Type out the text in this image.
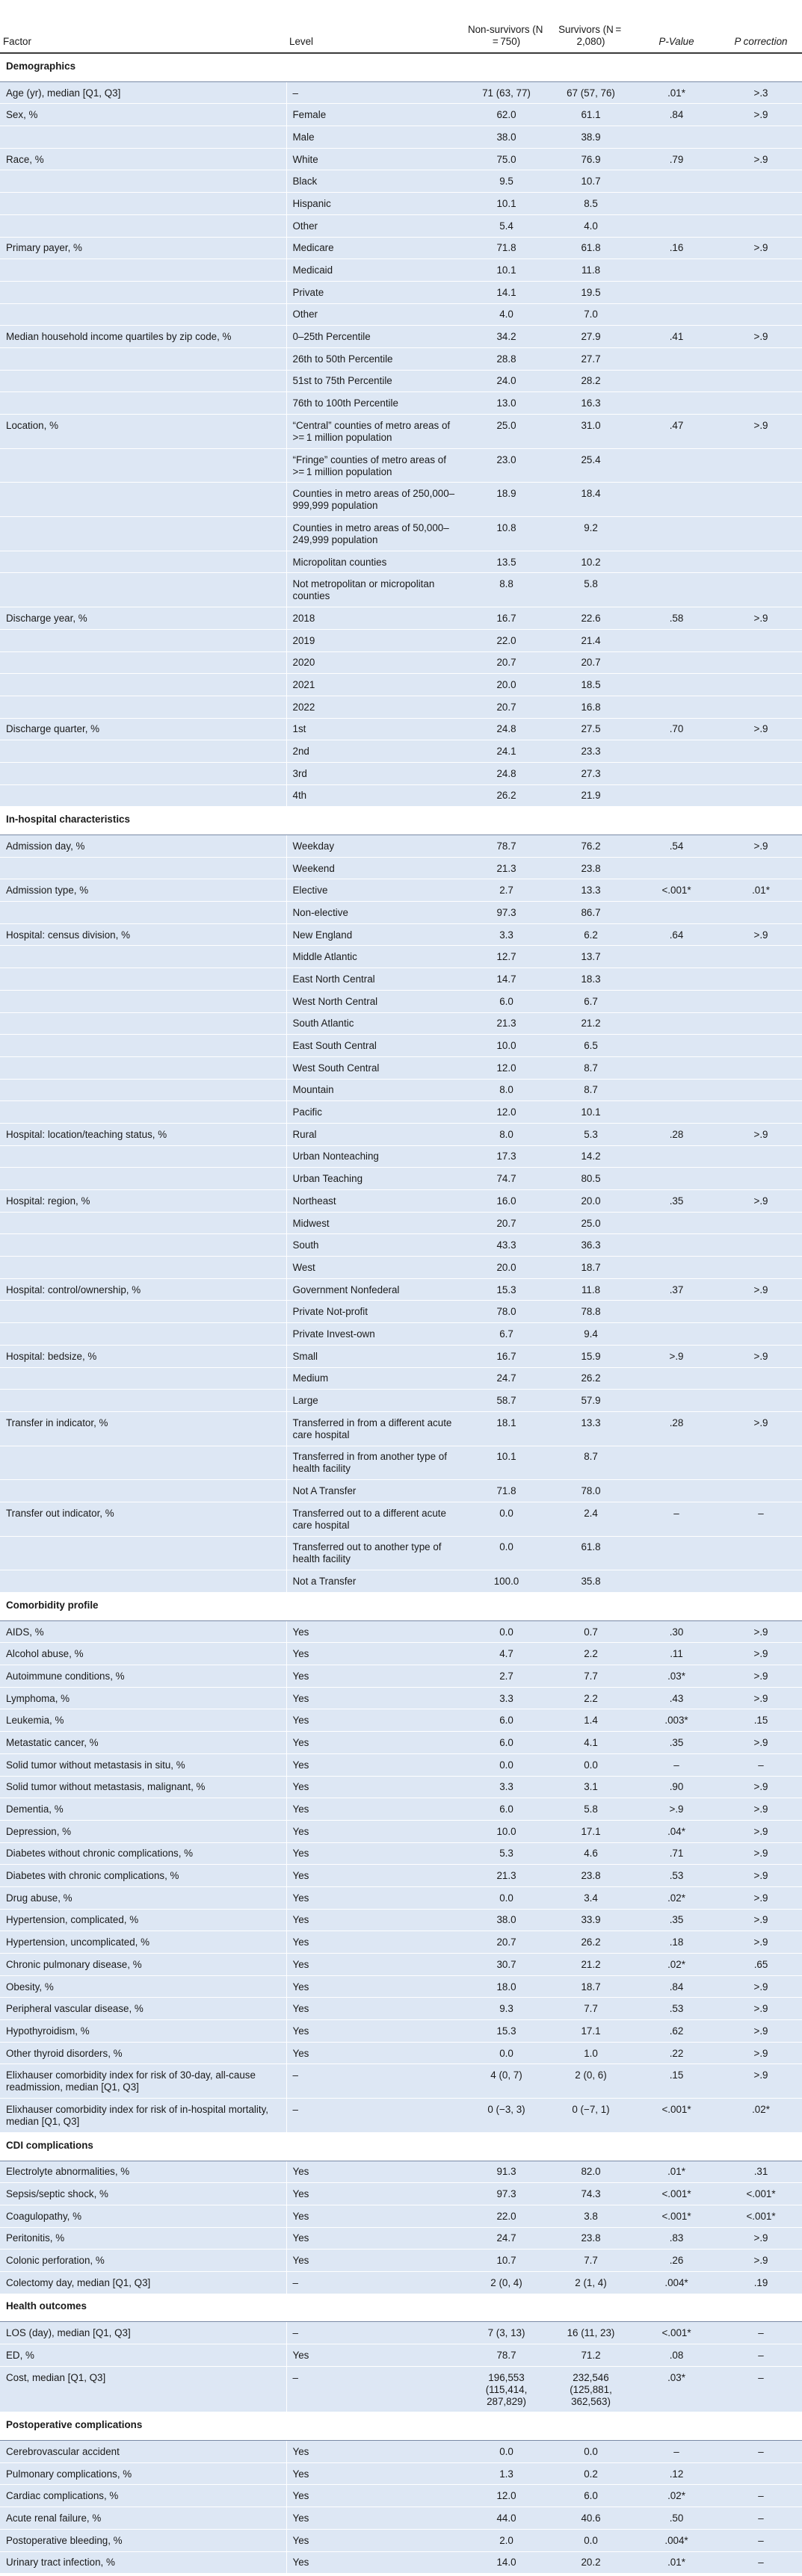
Factor	Level	Non-survivors (N = 750)	Survivors (N = 2,080)	P-Value	P correction
Demographics					
Age (yr), median [Q1, Q3]	–	71 (63, 77)	67 (57, 76)	.01*	>.3
Sex, %	Female	62.0	61.1	.84	>.9
	Male	38.0	38.9		
Race, %	White	75.0	76.9	.79	>.9
	Black	9.5	10.7		
	Hispanic	10.1	8.5		
	Other	5.4	4.0		
Primary payer, %	Medicare	71.8	61.8	.16	>.9
	Medicaid	10.1	11.8		
	Private	14.1	19.5		
	Other	4.0	7.0		
Median household income quartiles by zip code, %	0–25th Percentile	34.2	27.9	.41	>.9
	26th to 50th Percentile	28.8	27.7		
	51st to 75th Percentile	24.0	28.2		
	76th to 100th Percentile	13.0	16.3		
Location, %	“Central” counties of metro areas of >= 1 million population	25.0	31.0	.47	>.9
	“Fringe” counties of metro areas of >= 1 million population	23.0	25.4		
	Counties in metro areas of 250,000–999,999 population	18.9	18.4		
	Counties in metro areas of 50,000–249,999 population	10.8	9.2		
	Micropolitan counties	13.5	10.2		
	Not metropolitan or micropolitan counties	8.8	5.8		
Discharge year, %	2018	16.7	22.6	.58	>.9
	2019	22.0	21.4		
	2020	20.7	20.7		
	2021	20.0	18.5		
	2022	20.7	16.8		
Discharge quarter, %	1st	24.8	27.5	.70	>.9
	2nd	24.1	23.3		
	3rd	24.8	27.3		
	4th	26.2	21.9		
In-hospital characteristics					
Admission day, %	Weekday	78.7	76.2	.54	>.9
	Weekend	21.3	23.8		
Admission type, %	Elective	2.7	13.3	<.001*	.01*
	Non-elective	97.3	86.7		
Hospital: census division, %	New England	3.3	6.2	.64	>.9
	Middle Atlantic	12.7	13.7		
	East North Central	14.7	18.3		
	West North Central	6.0	6.7		
	South Atlantic	21.3	21.2		
	East South Central	10.0	6.5		
	West South Central	12.0	8.7		
	Mountain	8.0	8.7		
	Pacific	12.0	10.1		
Hospital: location/teaching status, %	Rural	8.0	5.3	.28	>.9
	Urban Nonteaching	17.3	14.2		
	Urban Teaching	74.7	80.5		
Hospital: region, %	Northeast	16.0	20.0	.35	>.9
	Midwest	20.7	25.0		
	South	43.3	36.3		
	West	20.0	18.7		
Hospital: control/ownership, %	Government Nonfederal	15.3	11.8	.37	>.9
	Private Not-profit	78.0	78.8		
	Private Invest-own	6.7	9.4		
Hospital: bedsize, %	Small	16.7	15.9	>.9	>.9
	Medium	24.7	26.2		
	Large	58.7	57.9		
Transfer in indicator, %	Transferred in from a different acute care hospital	18.1	13.3	.28	>.9
	Transferred in from another type of health facility	10.1	8.7		
	Not A Transfer	71.8	78.0		
Transfer out indicator, %	Transferred out to a different acute care hospital	0.0	2.4	–	–
	Transferred out to another type of health facility	0.0	61.8		
	Not a Transfer	100.0	35.8		
Comorbidity profile					
AIDS, %	Yes	0.0	0.7	.30	>.9
Alcohol abuse, %	Yes	4.7	2.2	.11	>.9
Autoimmune conditions, %	Yes	2.7	7.7	.03*	>.9
Lymphoma, %	Yes	3.3	2.2	.43	>.9
Leukemia, %	Yes	6.0	1.4	.003*	.15
Metastatic cancer, %	Yes	6.0	4.1	.35	>.9
Solid tumor without metastasis in situ, %	Yes	0.0	0.0	–	–
Solid tumor without metastasis, malignant, %	Yes	3.3	3.1	.90	>.9
Dementia, %	Yes	6.0	5.8	>.9	>.9
Depression, %	Yes	10.0	17.1	.04*	>.9
Diabetes without chronic complications, %	Yes	5.3	4.6	.71	>.9
Diabetes with chronic complications, %	Yes	21.3	23.8	.53	>.9
Drug abuse, %	Yes	0.0	3.4	.02*	>.9
Hypertension, complicated, %	Yes	38.0	33.9	.35	>.9
Hypertension, uncomplicated, %	Yes	20.7	26.2	.18	>.9
Chronic pulmonary disease, %	Yes	30.7	21.2	.02*	.65
Obesity, %	Yes	18.0	18.7	.84	>.9
Peripheral vascular disease, %	Yes	9.3	7.7	.53	>.9
Hypothyroidism, %	Yes	15.3	17.1	.62	>.9
Other thyroid disorders, %	Yes	0.0	1.0	.22	>.9
Elixhauser comorbidity index for risk of 30-day, all-cause readmission, median [Q1, Q3]	–	4 (0, 7)	2 (0, 6)	.15	>.9
Elixhauser comorbidity index for risk of in-hospital mortality, median [Q1, Q3]	–	0 (−3, 3)	0 (−7, 1)	<.001*	.02*
CDI complications					
Electrolyte abnormalities, %	Yes	91.3	82.0	.01*	.31
Sepsis/septic shock, %	Yes	97.3	74.3	<.001*	<.001*
Coagulopathy, %	Yes	22.0	3.8	<.001*	<.001*
Peritonitis, %	Yes	24.7	23.8	.83	>.9
Colonic perforation, %	Yes	10.7	7.7	.26	>.9
Colectomy day, median [Q1, Q3]	–	2 (0, 4)	2 (1, 4)	.004*	.19
Health outcomes					
LOS (day), median [Q1, Q3]	–	7 (3, 13)	16 (11, 23)	<.001*	–
ED, %	Yes	78.7	71.2	.08	–
Cost, median [Q1, Q3]	–	196,553 (115,414, 287,829)	232,546 (125,881, 362,563)	.03*	–
Postoperative complications					
Cerebrovascular accident	Yes	0.0	0.0	–	–
Pulmonary complications, %	Yes	1.3	0.2	.12	
Cardiac complications, %	Yes	12.0	6.0	.02*	–
Acute renal failure, %	Yes	44.0	40.6	.50	–
Postoperative bleeding, %	Yes	2.0	0.0	.004*	–
Urinary tract infection, %	Yes	14.0	20.2	.01*	–
